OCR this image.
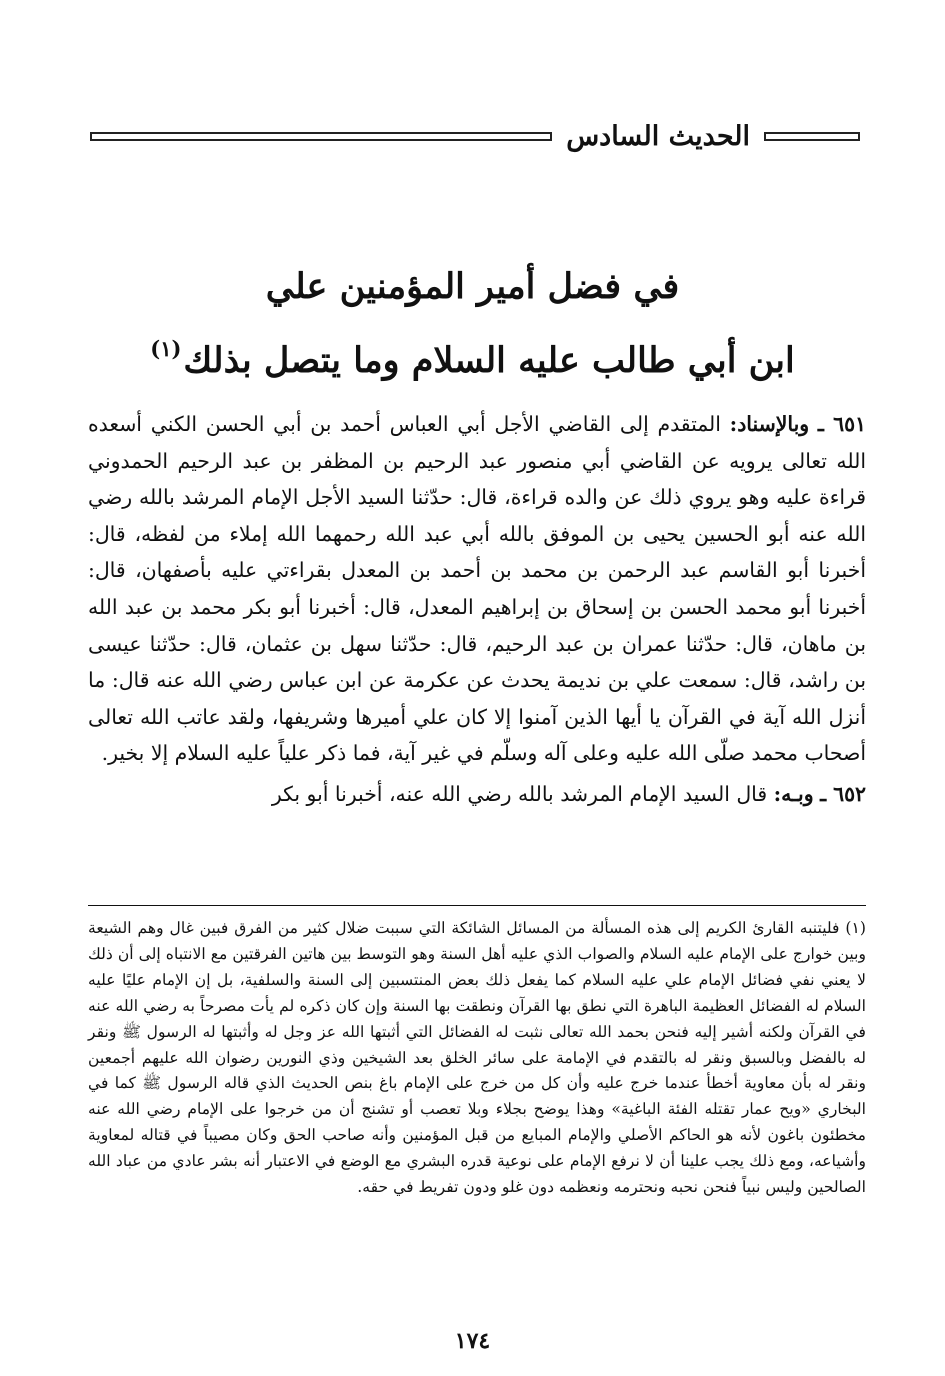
الحديث السادس
في فضل أمير المؤمنين علي
ابن أبي طالب عليه السلام وما يتصل بذلك$^{(١)}$

٦٥١ ـ وبالإسناد: المتقدم إلى القاضي الأجل أبي العباس أحمد بن أبي الحسن الكني أسعده الله تعالى يرويه عن القاضي أبي منصور عبد الرحيم بن المظفر بن عبد الرحيم الحمدوني قراءة عليه وهو يروي ذلك عن والده قراءة، قال: حدّثنا السيد الأجل الإمام المرشد بالله رضي الله عنه أبو الحسين يحيى بن الموفق بالله أبي عبد الله رحمهما الله إملاء من لفظه، قال: أخبرنا أبو القاسم عبد الرحمن بن محمد بن أحمد بن المعدل بقراءتي عليه بأصفهان، قال: أخبرنا أبو محمد الحسن بن إسحاق بن إبراهيم المعدل، قال: أخبرنا أبو بكر محمد بن عبد الله بن ماهان، قال: حدّثنا عمران بن عبد الرحيم، قال: حدّثنا سهل بن عثمان، قال: حدّثنا عيسى بن راشد، قال: سمعت علي بن نديمة يحدث عن عكرمة عن ابن عباس رضي الله عنه قال: ما أنزل الله آية في القرآن يا أيها الذين آمنوا إلا كان علي أميرها وشريفها، ولقد عاتب الله تعالى أصحاب محمد صلّى الله عليه وعلى آله وسلّم في غير آية، فما ذكر علياً عليه السلام إلا بخير.

٦٥٢ ـ وبـه: قال السيد الإمام المرشد بالله رضي الله عنه، أخبرنا أبو بكر

(١) فليتنبه القارئ الكريم إلى هذه المسألة من المسائل الشائكة التي سببت ضلال كثير من الفرق فبين غال وهم الشيعة وبين خوارج على الإمام عليه السلام والصواب الذي عليه أهل السنة وهو التوسط بين هاتين الفرقتين مع الانتباه إلى أن ذلك لا يعني نفي فضائل الإمام علي عليه السلام كما يفعل ذلك بعض المنتسبين إلى السنة والسلفية، بل إن الإمام عليًا عليه السلام له الفضائل العظيمة الباهرة التي نطق بها القرآن ونطقت بها السنة وإن كان ذكره لم يأت مصرحاً به رضي الله عنه في القرآن ولكنه أشير إليه فنحن بحمد الله تعالى نثبت له الفضائل التي أثبتها الله عز وجل له وأثبتها له الرسول ﷺ ونقر له بالفضل وبالسبق ونقر له بالتقدم في الإمامة على سائر الخلق بعد الشيخين وذي النورين رضوان الله عليهم أجمعين ونقر له بأن معاوية أخطأ عندما خرج عليه وأن كل من خرج على الإمام باغ بنص الحديث الذي قاله الرسول ﷺ كما في البخاري «ويح عمار تقتله الفئة الباغية» وهذا يوضح بجلاء وبلا تعصب أو تشنج أن من خرجوا على الإمام رضي الله عنه مخطئون باغون لأنه هو الحاكم الأصلي والإمام المبايع من قبل المؤمنين وأنه صاحب الحق وكان مصيباً في قتاله لمعاوية وأشياعه، ومع ذلك يجب علينا أن لا نرفع الإمام على نوعية قدره البشري مع الوضع في الاعتبار أنه بشر عادي من عباد الله الصالحين وليس نبياً فنحن نحبه ونحترمه ونعظمه دون غلو ودون تفريط في حقه.

١٧٤
